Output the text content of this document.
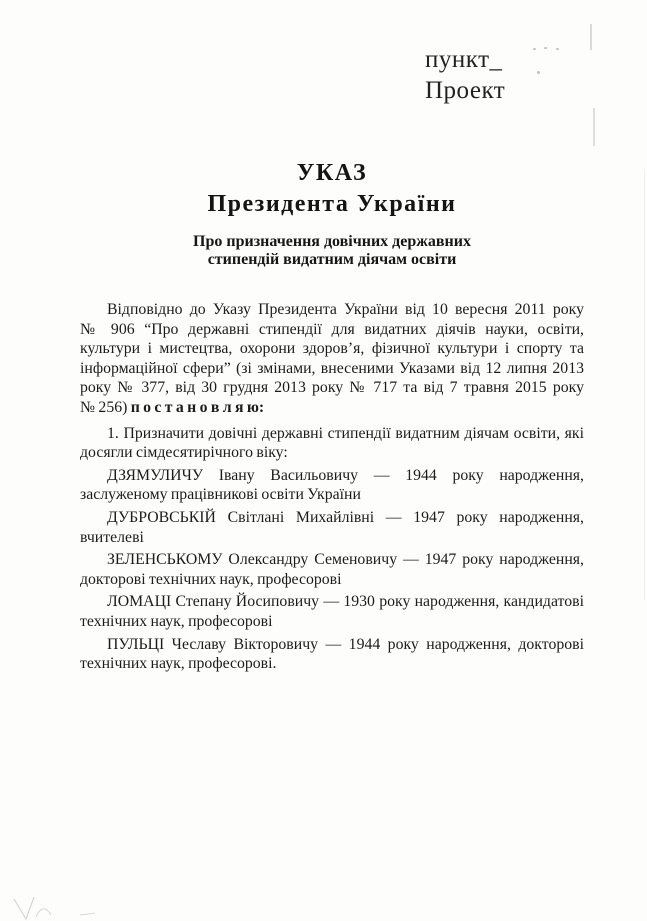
пункт_
Проект
УКАЗ
Президента України
Про призначення довічних державних
стипендій видатним діячам освіти

Відповідно до Указу Президента України від 10 вересня 2011 року № 906 “Про державні стипендії для видатних діячів науки, освіти, культури і мистецтва, охорони здоров’я, фізичної культури і спорту та інформаційної сфери” (зі змінами, внесеними Указами від 12 липня 2013 року № 377, від 30 грудня 2013 року № 717 та від 7 травня 2015 року № 256) п о с т а н о в л я ю:

1. Призначити довічні державні стипендії видатним діячам освіти, які досягли сімдесятирічного віку:

ДЗЯМУЛИЧУ Івану Васильовичу — 1944 року народження, заслуженому працівникові освіти України

ДУБРОВСЬКІЙ Світлані Михайлівні — 1947 року народження, вчителеві

ЗЕЛЕНСЬКОМУ Олександру Семеновичу — 1947 року народження, докторові технічних наук, професорові

ЛОМАЦІ Степану Йосиповичу — 1930 року народження, кандидатові технічних наук, професорові

ПУЛЬЦІ Чеславу Вікторовичу — 1944 року народження, докторові технічних наук, професорові.
